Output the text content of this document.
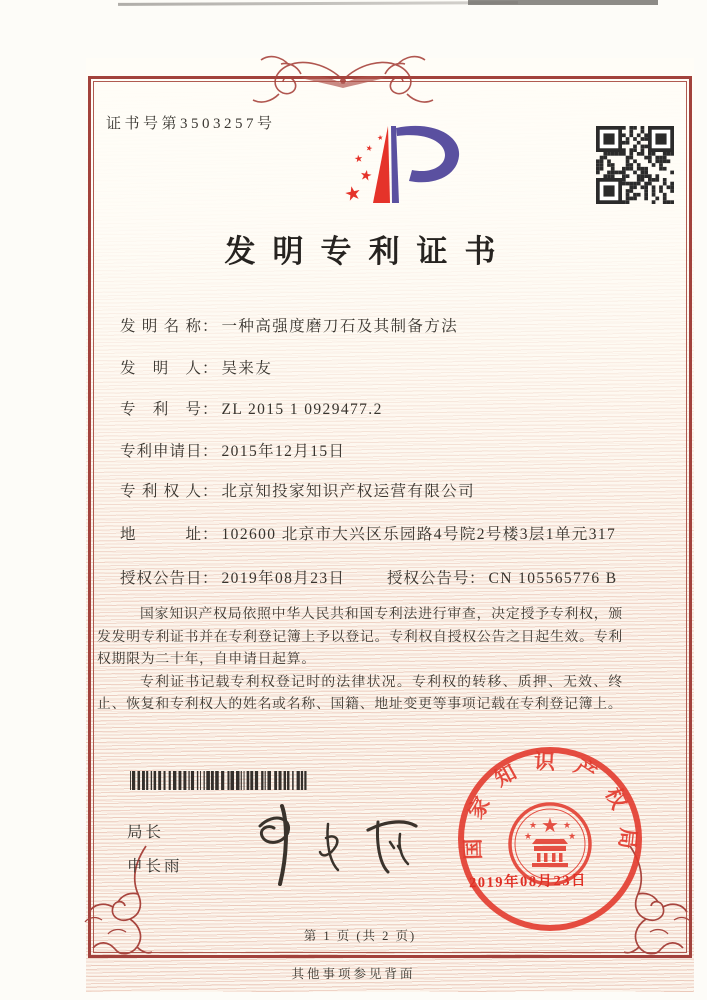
证书号第3503257号
★
★
★
★
★
发明专利证书
发明名称： 一种高强度磨刀石及其制备方法
发明人： 吴来友
专利号： ZL 2015 1 0929477.2
专利申请日： 2015年12月15日
专利权人： 北京知投家知识产权运营有限公司
地址： 102600 北京市大兴区乐园路4号院2号楼3层1单元317
授权公告日： 2019年08月23日	授权公告号： CN 105565776 B

国家知识产权局依照中华人民共和国专利法进行审查，决定授予专利权，颁发发明专利证书并在专利登记簿上予以登记。专利权自授权公告之日起生效。专利权期限为二十年，自申请日起算。

专利证书记载专利权登记时的法律状况。专利权的转移、质押、无效、终止、恢复和专利权人的姓名或名称、国籍、地址变更等事项记载在专利登记簿上。

局长
申长雨
国家知识产权局
★
★	★
★	★
2019年08月23日
第 1 页 (共 2 页)
其他事项参见背面
